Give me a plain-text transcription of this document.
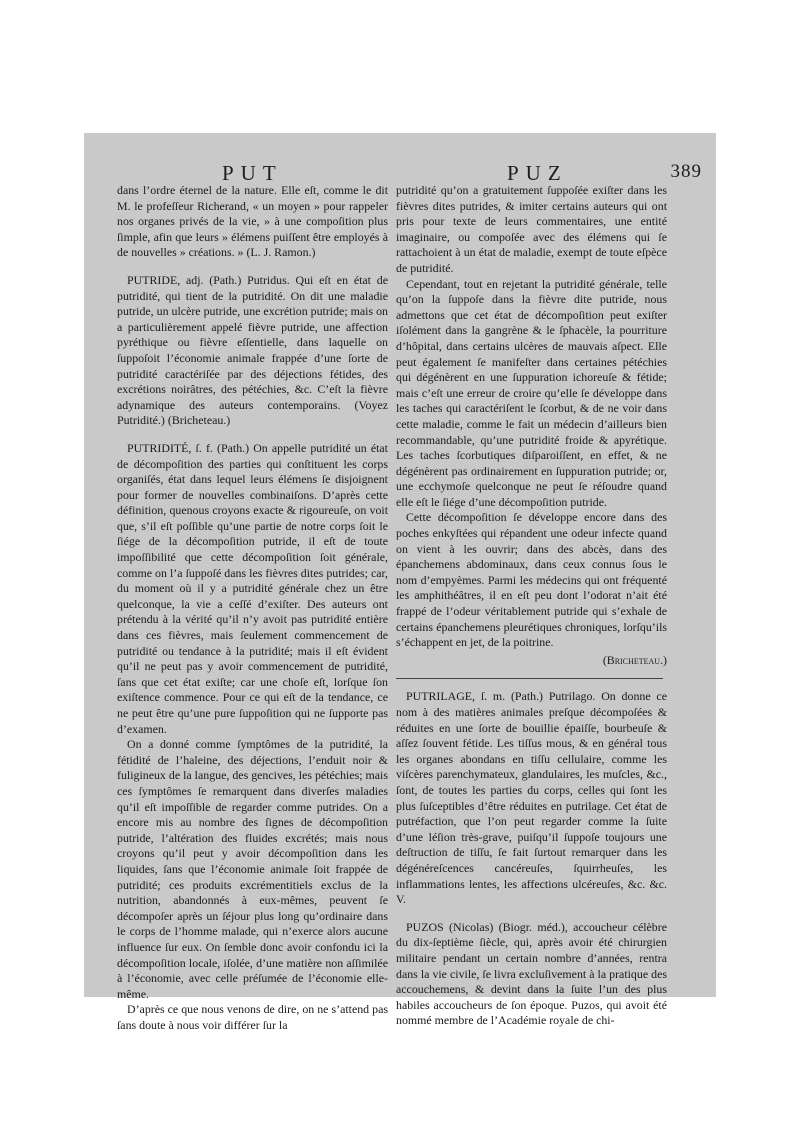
PUT	PUZ	389

dans l’ordre éternel de la nature. Elle eſt, comme le dit M. le profeſſeur Richerand, « un moyen » pour rappeler nos organes privés de la vie, » à une compoſition plus ſimple, afin que leurs » élémens puiſſent être employés à de nouvelles » créations. » (L. J. Ramon.)

PUTRIDE, adj. (Path.) Putridus. Qui eſt en état de putridité, qui tient de la putridité. On dit une maladie putride, un ulcère putride, une excrétion putride; mais on a particulièrement appelé fièvre putride, une affection pyréthique ou fièvre eſſentielle, dans laquelle on ſuppoſoit l’économie animale frappée d’une ſorte de putridité caractériſée par des déjections fétides, des excrétions noirâtres, des pétéchies, &c. C’eſt la fièvre adynamique des auteurs contemporains. (Voyez Putridité.) (Bricheteau.)

PUTRIDITÉ, ſ. f. (Path.) On appelle putridité un état de décompoſition des parties qui conſtituent les corps organiſés, état dans lequel leurs élémens ſe disjoignent pour former de nouvelles combinaiſons. D’après cette définition, quenous croyons exacte & rigoureuſe, on voit que, s’il eſt poſſible qu’une partie de notre corps ſoit le ſiége de la décompoſition putride, il eſt de toute impoſſibilité que cette décompoſition ſoit générale, comme on l’a ſuppoſé dans les fièvres dites putrides; car, du moment où il y a putridité générale chez un être quelconque, la vie a ceſſé d’exiſter. Des auteurs ont prétendu à la vérité qu’il n’y avoit pas putridité entière dans ces fièvres, mais ſeulement commencement de putridité ou tendance à la putridité; mais il eſt évident qu’il ne peut pas y avoir commencement de putridité, ſans que cet état exiſte; car une choſe eſt, lorſque ſon exiſtence commence. Pour ce qui eſt de la tendance, ce ne peut être qu’une pure ſuppoſition qui ne ſupporte pas d’examen.

On a donné comme ſymptômes de la putridité, la fétidité de l’haleine, des déjections, l’enduit noir & fuligineux de la langue, des gencives, les pétéchies; mais ces ſymptômes ſe remarquent dans diverſes maladies qu’il eſt impoſſible de regarder comme putrides. On a encore mis au nombre des ſignes de décompoſition putride, l’altération des fluides excrétés; mais nous croyons qu’il peut y avoir décompoſition dans les liquides, ſans que l’économie animale ſoit frappée de putridité; ces produits excrémentitiels exclus de la nutrition, abandonnés à eux-mêmes, peuvent ſe décompoſer après un ſéjour plus long qu’ordinaire dans le corps de l’homme malade, qui n’exerce alors aucune influence ſur eux. On ſemble donc avoir confondu ici la décompoſition locale, iſolée, d’une matière non aſſimilée à l’économie, avec celle préſumée de l’économie elle-même.

D’après ce que nous venons de dire, on ne s’attend pas ſans doute à nous voir différer ſur la

putridité qu’on a gratuitement ſuppoſée exiſter dans les fièvres dites putrides, & imiter certains auteurs qui ont pris pour texte de leurs commentaires, une entité imaginaire, ou compoſée avec des élémens qui ſe rattachoient à un état de maladie, exempt de toute eſpèce de putridité.

Cependant, tout en rejetant la putridité générale, telle qu’on la ſuppoſe dans la fièvre dite putride, nous admettons que cet état de décompoſition peut exiſter iſolément dans la gangrène & le ſphacèle, la pourriture d’hôpital, dans certains ulcères de mauvais aſpect. Elle peut également ſe manifeſter dans certaines pétéchies qui dégénèrent en une ſuppuration ichoreuſe & fétide; mais c’eſt une erreur de croire qu’elle ſe développe dans les taches qui caractériſent le ſcorbut, & de ne voir dans cette maladie, comme le fait un médecin d’ailleurs bien recommandable, qu’une putridité froide & apyrétique. Les taches ſcorbutiques diſparoiſſent, en effet, & ne dégénèrent pas ordinairement en ſuppuration putride; or, une ecchymoſe quelconque ne peut ſe réſoudre quand elle eſt le ſiége d’une décompoſition putride.

Cette décompoſition ſe développe encore dans des poches enkyſtées qui répandent une odeur infecte quand on vient à les ouvrir; dans des abcès, dans des épanchemens abdominaux, dans ceux connus ſous le nom d’empyèmes. Parmi les médecins qui ont fréquenté les amphithéâtres, il en eſt peu dont l’odorat n’ait été frappé de l’odeur véritablement putride qui s’exhale de certains épanchemens pleurétiques chroniques, lorſqu’ils s’échappent en jet, de la poitrine.

(Bricheteau.)

PUTRILAGE, ſ. m. (Path.) Putrilago. On donne ce nom à des matières animales preſque décompoſées & réduites en une ſorte de bouillie épaiſſe, bourbeuſe & aſſez ſouvent fétide. Les tiſſus mous, & en général tous les organes abondans en tiſſu cellulaire, comme les viſcères parenchymateux, glandulaires, les muſcles, &c., ſont, de toutes les parties du corps, celles qui ſont les plus ſuſceptibles d’être réduites en putrilage. Cet état de putréfaction, que l’on peut regarder comme la ſuite d’une léſion très-grave, puiſqu’il ſuppoſe toujours une deſtruction de tiſſu, ſe fait ſurtout remarquer dans les dégénéreſcences cancéreuſes, ſquirrheuſes, les inflammations lentes, les affections ulcéreuſes, &c. &c. V.

PUZOS (Nicolas) (Biogr. méd.), accoucheur célèbre du dix-ſeptième ſiècle, qui, après avoir été chirurgien militaire pendant un certain nombre d’années, rentra dans la vie civile, ſe livra excluſivement à la pratique des accouchemens, & devint dans la ſuite l’un des plus habiles accoucheurs de ſon époque. Puzos, qui avoit été nommé membre de l’Académie royale de chi-
